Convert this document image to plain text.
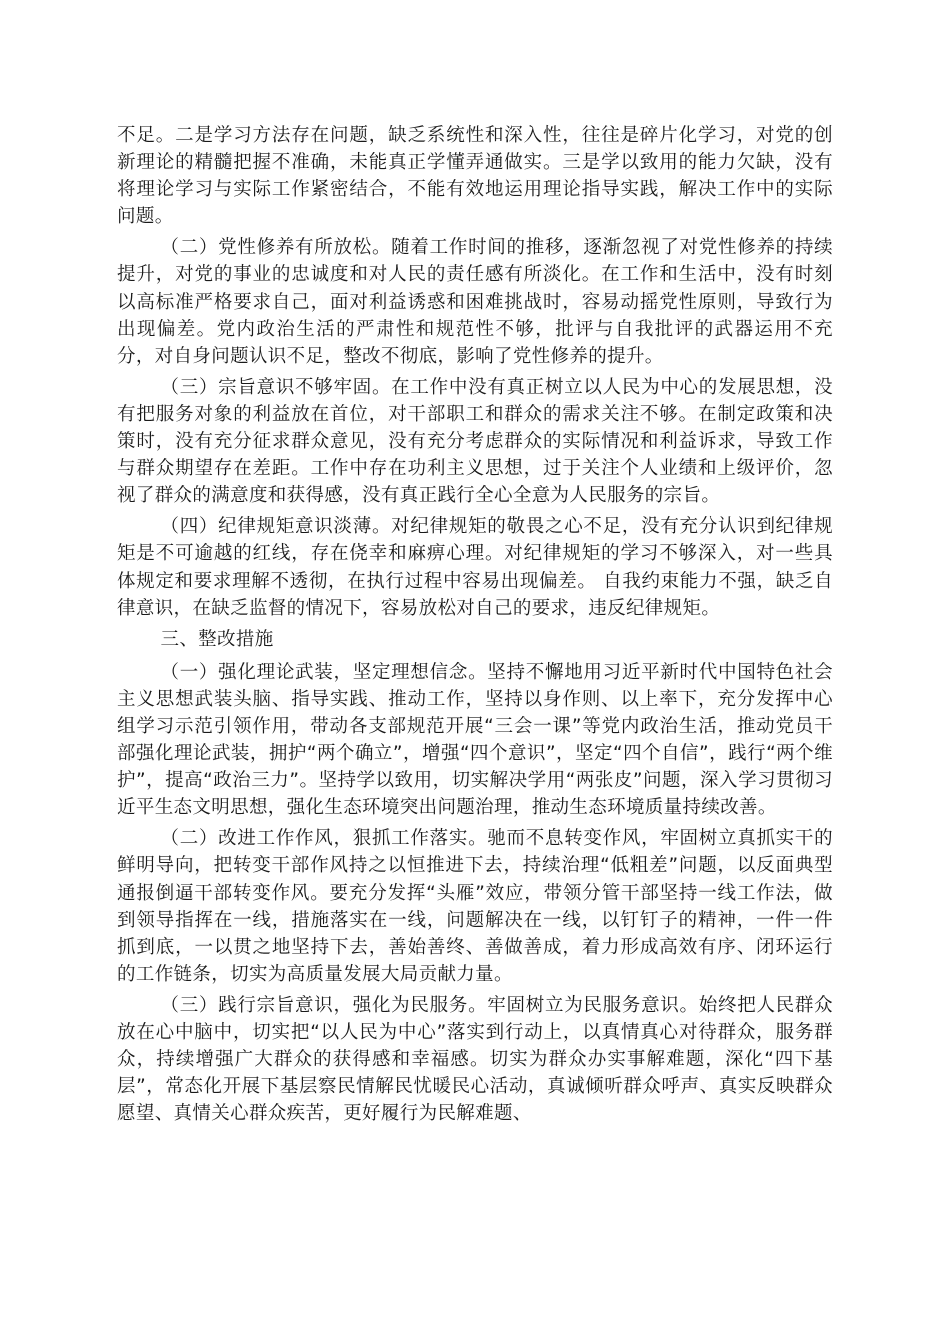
不足。二是学习方法存在问题，缺乏系统性和深入性，往往是碎片化学习，对党的创新理论的精髓把握不准确，未能真正学懂弄通做实。三是学以致用的能力欠缺，没有将理论学习与实际工作紧密结合，不能有效地运用理论指导实践，解决工作中的实际问题。

（二）党性修养有所放松。随着工作时间的推移，逐渐忽视了对党性修养的持续提升，对党的事业的忠诚度和对人民的责任感有所淡化。在工作和生活中，没有时刻以高标准严格要求自己，面对利益诱惑和困难挑战时，容易动摇党性原则，导致行为出现偏差。党内政治生活的严肃性和规范性不够，批评与自我批评的武器运用不充分，对自身问题认识不足，整改不彻底，影响了党性修养的提升。

（三）宗旨意识不够牢固。在工作中没有真正树立以人民为中心的发展思想，没有把服务对象的利益放在首位，对干部职工和群众的需求关注不够。在制定政策和决策时，没有充分征求群众意见，没有充分考虑群众的实际情况和利益诉求，导致工作与群众期望存在差距。工作中存在功利主义思想，过于关注个人业绩和上级评价，忽视了群众的满意度和获得感，没有真正践行全心全意为人民服务的宗旨。

（四）纪律规矩意识淡薄。对纪律规矩的敬畏之心不足，没有充分认识到纪律规矩是不可逾越的红线，存在侥幸和麻痹心理。对纪律规矩的学习不够深入，对一些具体规定和要求理解不透彻，在执行过程中容易出现偏差。 自我约束能力不强，缺乏自律意识，在缺乏监督的情况下，容易放松对自己的要求，违反纪律规矩。

三、整改措施

（一）强化理论武装，坚定理想信念。坚持不懈地用习近平新时代中国特色社会主义思想武装头脑、指导实践、推动工作，坚持以身作则、以上率下，充分发挥中心组学习示范引领作用，带动各支部规范开展“三会一课”等党内政治生活，推动党员干部强化理论武装，拥护“两个确立”，增强“四个意识”，坚定“四个自信”，践行“两个维护”，提高“政治三力”。坚持学以致用，切实解决学用“两张皮”问题，深入学习贯彻习近平生态文明思想，强化生态环境突出问题治理，推动生态环境质量持续改善。

（二）改进工作作风，狠抓工作落实。驰而不息转变作风，牢固树立真抓实干的鲜明导向，把转变干部作风持之以恒推进下去，持续治理“低粗差”问题，以反面典型通报倒逼干部转变作风。要充分发挥“头雁”效应，带领分管干部坚持一线工作法，做到领导指挥在一线，措施落实在一线，问题解决在一线，以钉钉子的精神，一件一件抓到底，一以贯之地坚持下去，善始善终、善做善成，着力形成高效有序、闭环运行的工作链条，切实为高质量发展大局贡献力量。

（三）践行宗旨意识，强化为民服务。牢固树立为民服务意识。始终把人民群众放在心中脑中，切实把“以人民为中心”落实到行动上，以真情真心对待群众，服务群众，持续增强广大群众的获得感和幸福感。切实为群众办实事解难题，深化“四下基层”，常态化开展下基层察民情解民忧暖民心活动，真诚倾听群众呼声、真实反映群众愿望、真情关心群众疾苦，更好履行为民解难题、
